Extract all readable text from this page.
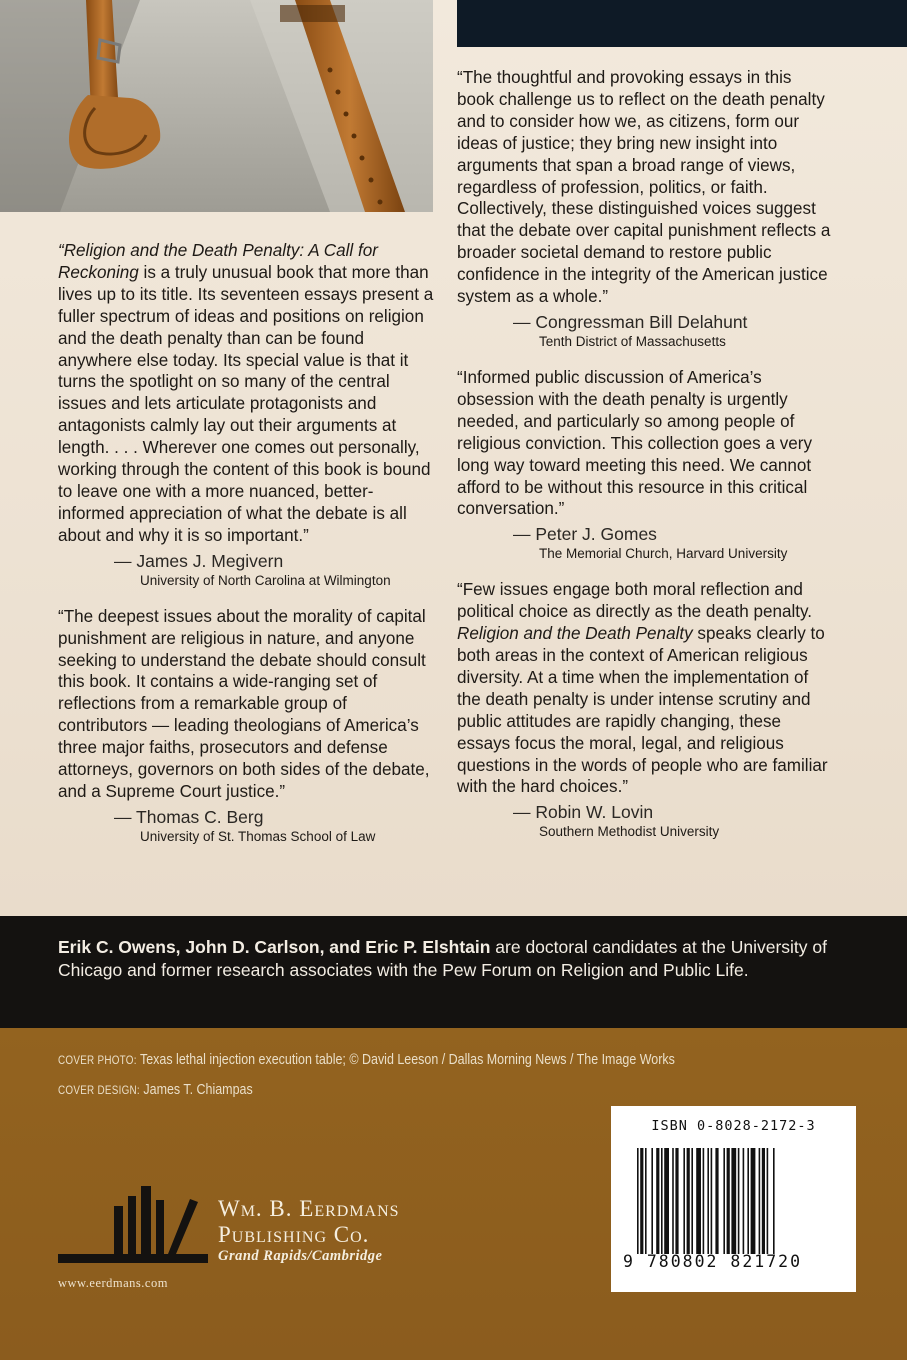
“Religion and the Death Penalty: A Call for Reckoning is a truly unusual book that more than lives up to its title. Its seventeen essays present a fuller spectrum of ideas and positions on religion and the death penalty than can be found anywhere else today. Its special value is that it turns the spotlight on so many of the central issues and lets articulate protagonists and antagonists calmly lay out their arguments at length. . . . Wherever one comes out personally, working through the content of this book is bound to leave one with a more nuanced, better-informed appreciation of what the debate is all about and why it is so important.”

— James J. Megivern
University of North Carolina at Wilmington

“The deepest issues about the morality of capital punishment are religious in nature, and anyone seeking to understand the debate should consult this book. It contains a wide-ranging set of reflections from a remarkable group of contributors — leading theologians of America’s three major faiths, prosecutors and defense attorneys, governors on both sides of the debate, and a Supreme Court justice.”

— Thomas C. Berg
University of St. Thomas School of Law

“The thoughtful and provoking essays in this book challenge us to reflect on the death penalty and to consider how we, as citizens, form our ideas of justice; they bring new insight into arguments that span a broad range of views, regardless of profession, politics, or faith. Collectively, these distinguished voices suggest that the debate over capital punishment reflects a broader societal demand to restore public confidence in the integrity of the American justice system as a whole.”

— Congressman Bill Delahunt
Tenth District of Massachusetts

“Informed public discussion of America’s obsession with the death penalty is urgently needed, and particularly so among people of religious conviction. This collection goes a very long way toward meeting this need. We cannot afford to be without this resource in this critical conversation.”

— Peter J. Gomes
The Memorial Church, Harvard University

“Few issues engage both moral reflection and political choice as directly as the death penalty. Religion and the Death Penalty speaks clearly to both areas in the context of American religious diversity. At a time when the implementation of the death penalty is under intense scrutiny and public attitudes are rapidly changing, these essays focus the moral, legal, and religious questions in the words of people who are familiar with the hard choices.”

— Robin W. Lovin
Southern Methodist University
Erik C. Owens, John D. Carlson, and Eric P. Elshtain are doctoral candidates at the University of Chicago and former research associates with the Pew Forum on Religion and Public Life.
COVER PHOTO: Texas lethal injection execution table; © David Leeson / Dallas Morning News / The Image Works
COVER DESIGN: James T. Chiampas
Wm. B. Eerdmans
Publishing Co.
Grand Rapids/Cambridge
www.eerdmans.com
ISBN 0-8028-2172-3
9 780802 821720
